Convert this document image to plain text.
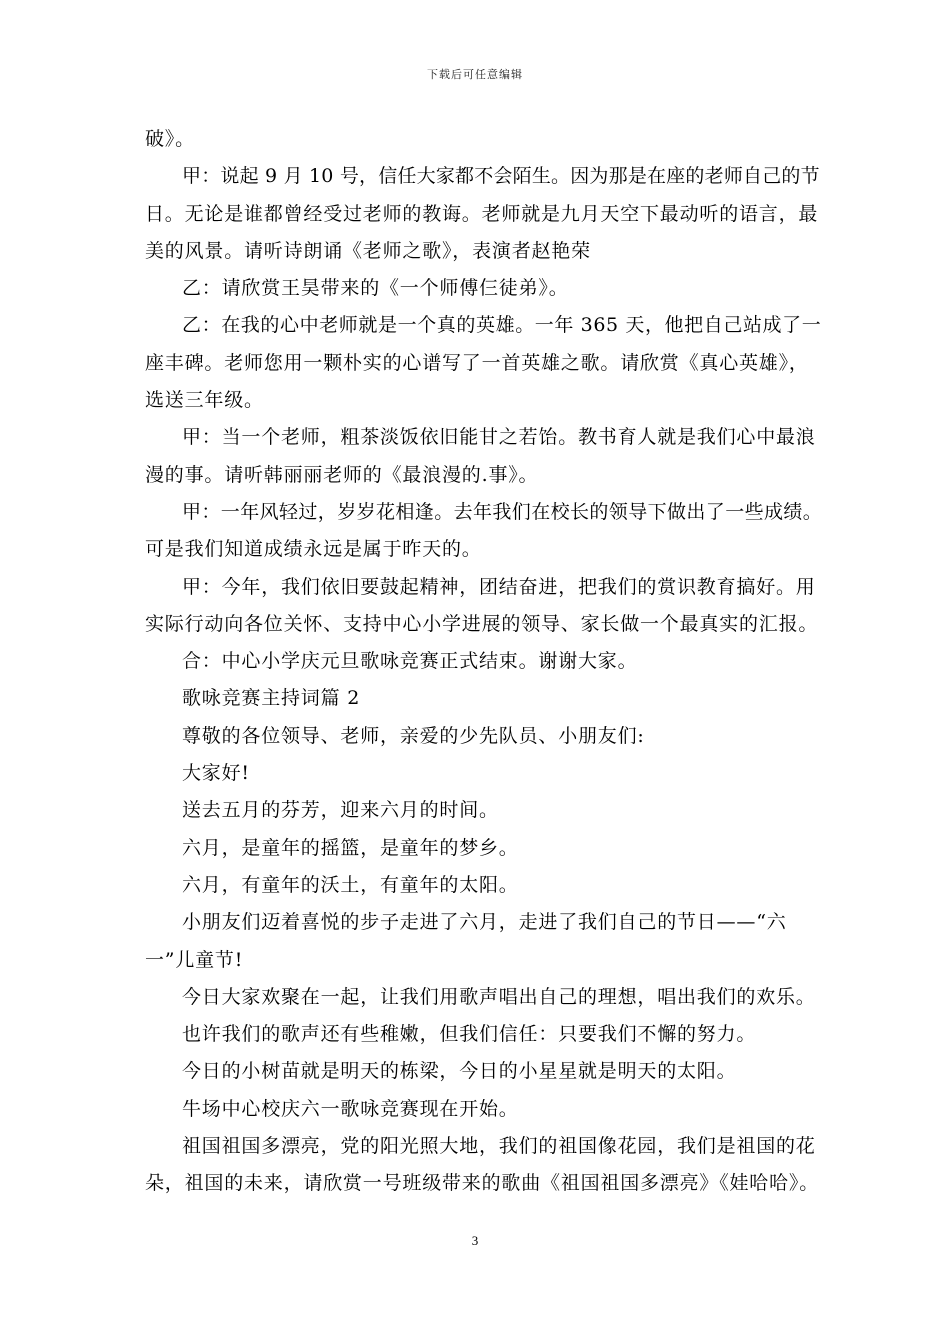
下载后可任意编辑

破》。

甲：说起 9 月 10 号，信任大家都不会陌生。因为那是在座的老师自己的节

日。无论是谁都曾经受过老师的教诲。老师就是九月天空下最动听的语言，最

美的风景。请听诗朗诵《老师之歌》，表演者赵艳荣

乙：请欣赏王昊带来的《一个师傅仨徒弟》。

乙：在我的心中老师就是一个真的英雄。一年 365 天，他把自己站成了一

座丰碑。老师您用一颗朴实的心谱写了一首英雄之歌。请欣赏《真心英雄》，

选送三年级。

甲：当一个老师，粗茶淡饭依旧能甘之若饴。教书育人就是我们心中最浪

漫的事。请听韩丽丽老师的《最浪漫的.事》。

甲：一年风轻过，岁岁花相逢。去年我们在校长的领导下做出了一些成绩。

可是我们知道成绩永远是属于昨天的。

甲：今年，我们依旧要鼓起精神，团结奋进，把我们的赏识教育搞好。用

实际行动向各位关怀、支持中心小学进展的领导、家长做一个最真实的汇报。

合：中心小学庆元旦歌咏竞赛正式结束。谢谢大家。

歌咏竞赛主持词篇 2

尊敬的各位领导、老师，亲爱的少先队员、小朋友们:

大家好!

送去五月的芬芳，迎来六月的时间。

六月，是童年的摇篮，是童年的梦乡。

六月，有童年的沃土，有童年的太阳。

小朋友们迈着喜悦的步子走进了六月，走进了我们自己的节日——“六

一”儿童节!

今日大家欢聚在一起，让我们用歌声唱出自己的理想，唱出我们的欢乐。

也许我们的歌声还有些稚嫩，但我们信任：只要我们不懈的努力。

今日的小树苗就是明天的栋梁，今日的小星星就是明天的太阳。

牛场中心校庆六一歌咏竞赛现在开始。

祖国祖国多漂亮，党的阳光照大地，我们的祖国像花园，我们是祖国的花

朵，祖国的未来，请欣赏一号班级带来的歌曲《祖国祖国多漂亮》《娃哈哈》。

3
